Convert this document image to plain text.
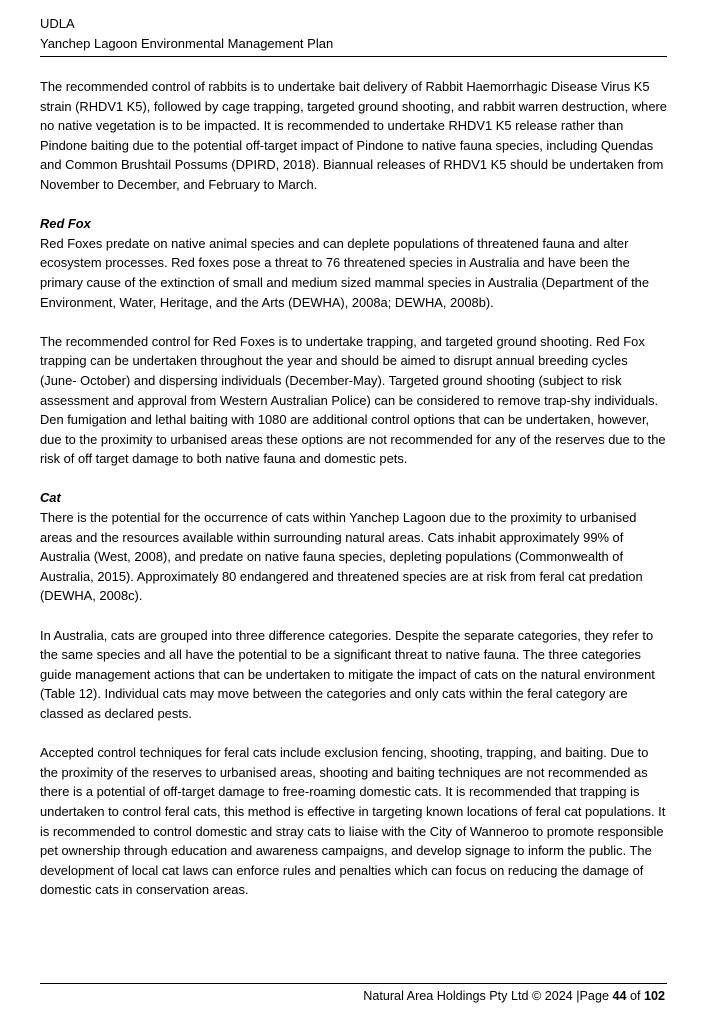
UDLA
Yanchep Lagoon Environmental Management Plan

The recommended control of rabbits is to undertake bait delivery of Rabbit Haemorrhagic Disease Virus K5 strain (RHDV1 K5), followed by cage trapping, targeted ground shooting, and rabbit warren destruction, where no native vegetation is to be impacted. It is recommended to undertake RHDV1 K5 release rather than Pindone baiting due to the potential off-target impact of Pindone to native fauna species, including Quendas and Common Brushtail Possums (DPIRD, 2018). Biannual releases of RHDV1 K5 should be undertaken from November to December, and February to March.

Red Fox

Red Foxes predate on native animal species and can deplete populations of threatened fauna and alter ecosystem processes. Red foxes pose a threat to 76 threatened species in Australia and have been the primary cause of the extinction of small and medium sized mammal species in Australia (Department of the Environment, Water, Heritage, and the Arts (DEWHA), 2008a; DEWHA, 2008b).

The recommended control for Red Foxes is to undertake trapping, and targeted ground shooting. Red Fox trapping can be undertaken throughout the year and should be aimed to disrupt annual breeding cycles (June- October) and dispersing individuals (December-May). Targeted ground shooting (subject to risk assessment and approval from Western Australian Police) can be considered to remove trap-shy individuals. Den fumigation and lethal baiting with 1080 are additional control options that can be undertaken, however, due to the proximity to urbanised areas these options are not recommended for any of the reserves due to the risk of off target damage to both native fauna and domestic pets.

Cat

There is the potential for the occurrence of cats within Yanchep Lagoon due to the proximity to urbanised areas and the resources available within surrounding natural areas. Cats inhabit approximately 99% of Australia (West, 2008), and predate on native fauna species, depleting populations (Commonwealth of Australia, 2015). Approximately 80 endangered and threatened species are at risk from feral cat predation (DEWHA, 2008c).

In Australia, cats are grouped into three difference categories. Despite the separate categories, they refer to the same species and all have the potential to be a significant threat to native fauna. The three categories guide management actions that can be undertaken to mitigate the impact of cats on the natural environment (Table 12). Individual cats may move between the categories and only cats within the feral category are classed as declared pests.

Accepted control techniques for feral cats include exclusion fencing, shooting, trapping, and baiting. Due to the proximity of the reserves to urbanised areas, shooting and baiting techniques are not recommended as there is a potential of off-target damage to free-roaming domestic cats. It is recommended that trapping is undertaken to control feral cats, this method is effective in targeting known locations of feral cat populations. It is recommended to control domestic and stray cats to liaise with the City of Wanneroo to promote responsible pet ownership through education and awareness campaigns, and develop signage to inform the public. The development of local cat laws can enforce rules and penalties which can focus on reducing the damage of domestic cats in conservation areas.

Natural Area Holdings Pty Ltd © 2024 |Page 44 of 102
